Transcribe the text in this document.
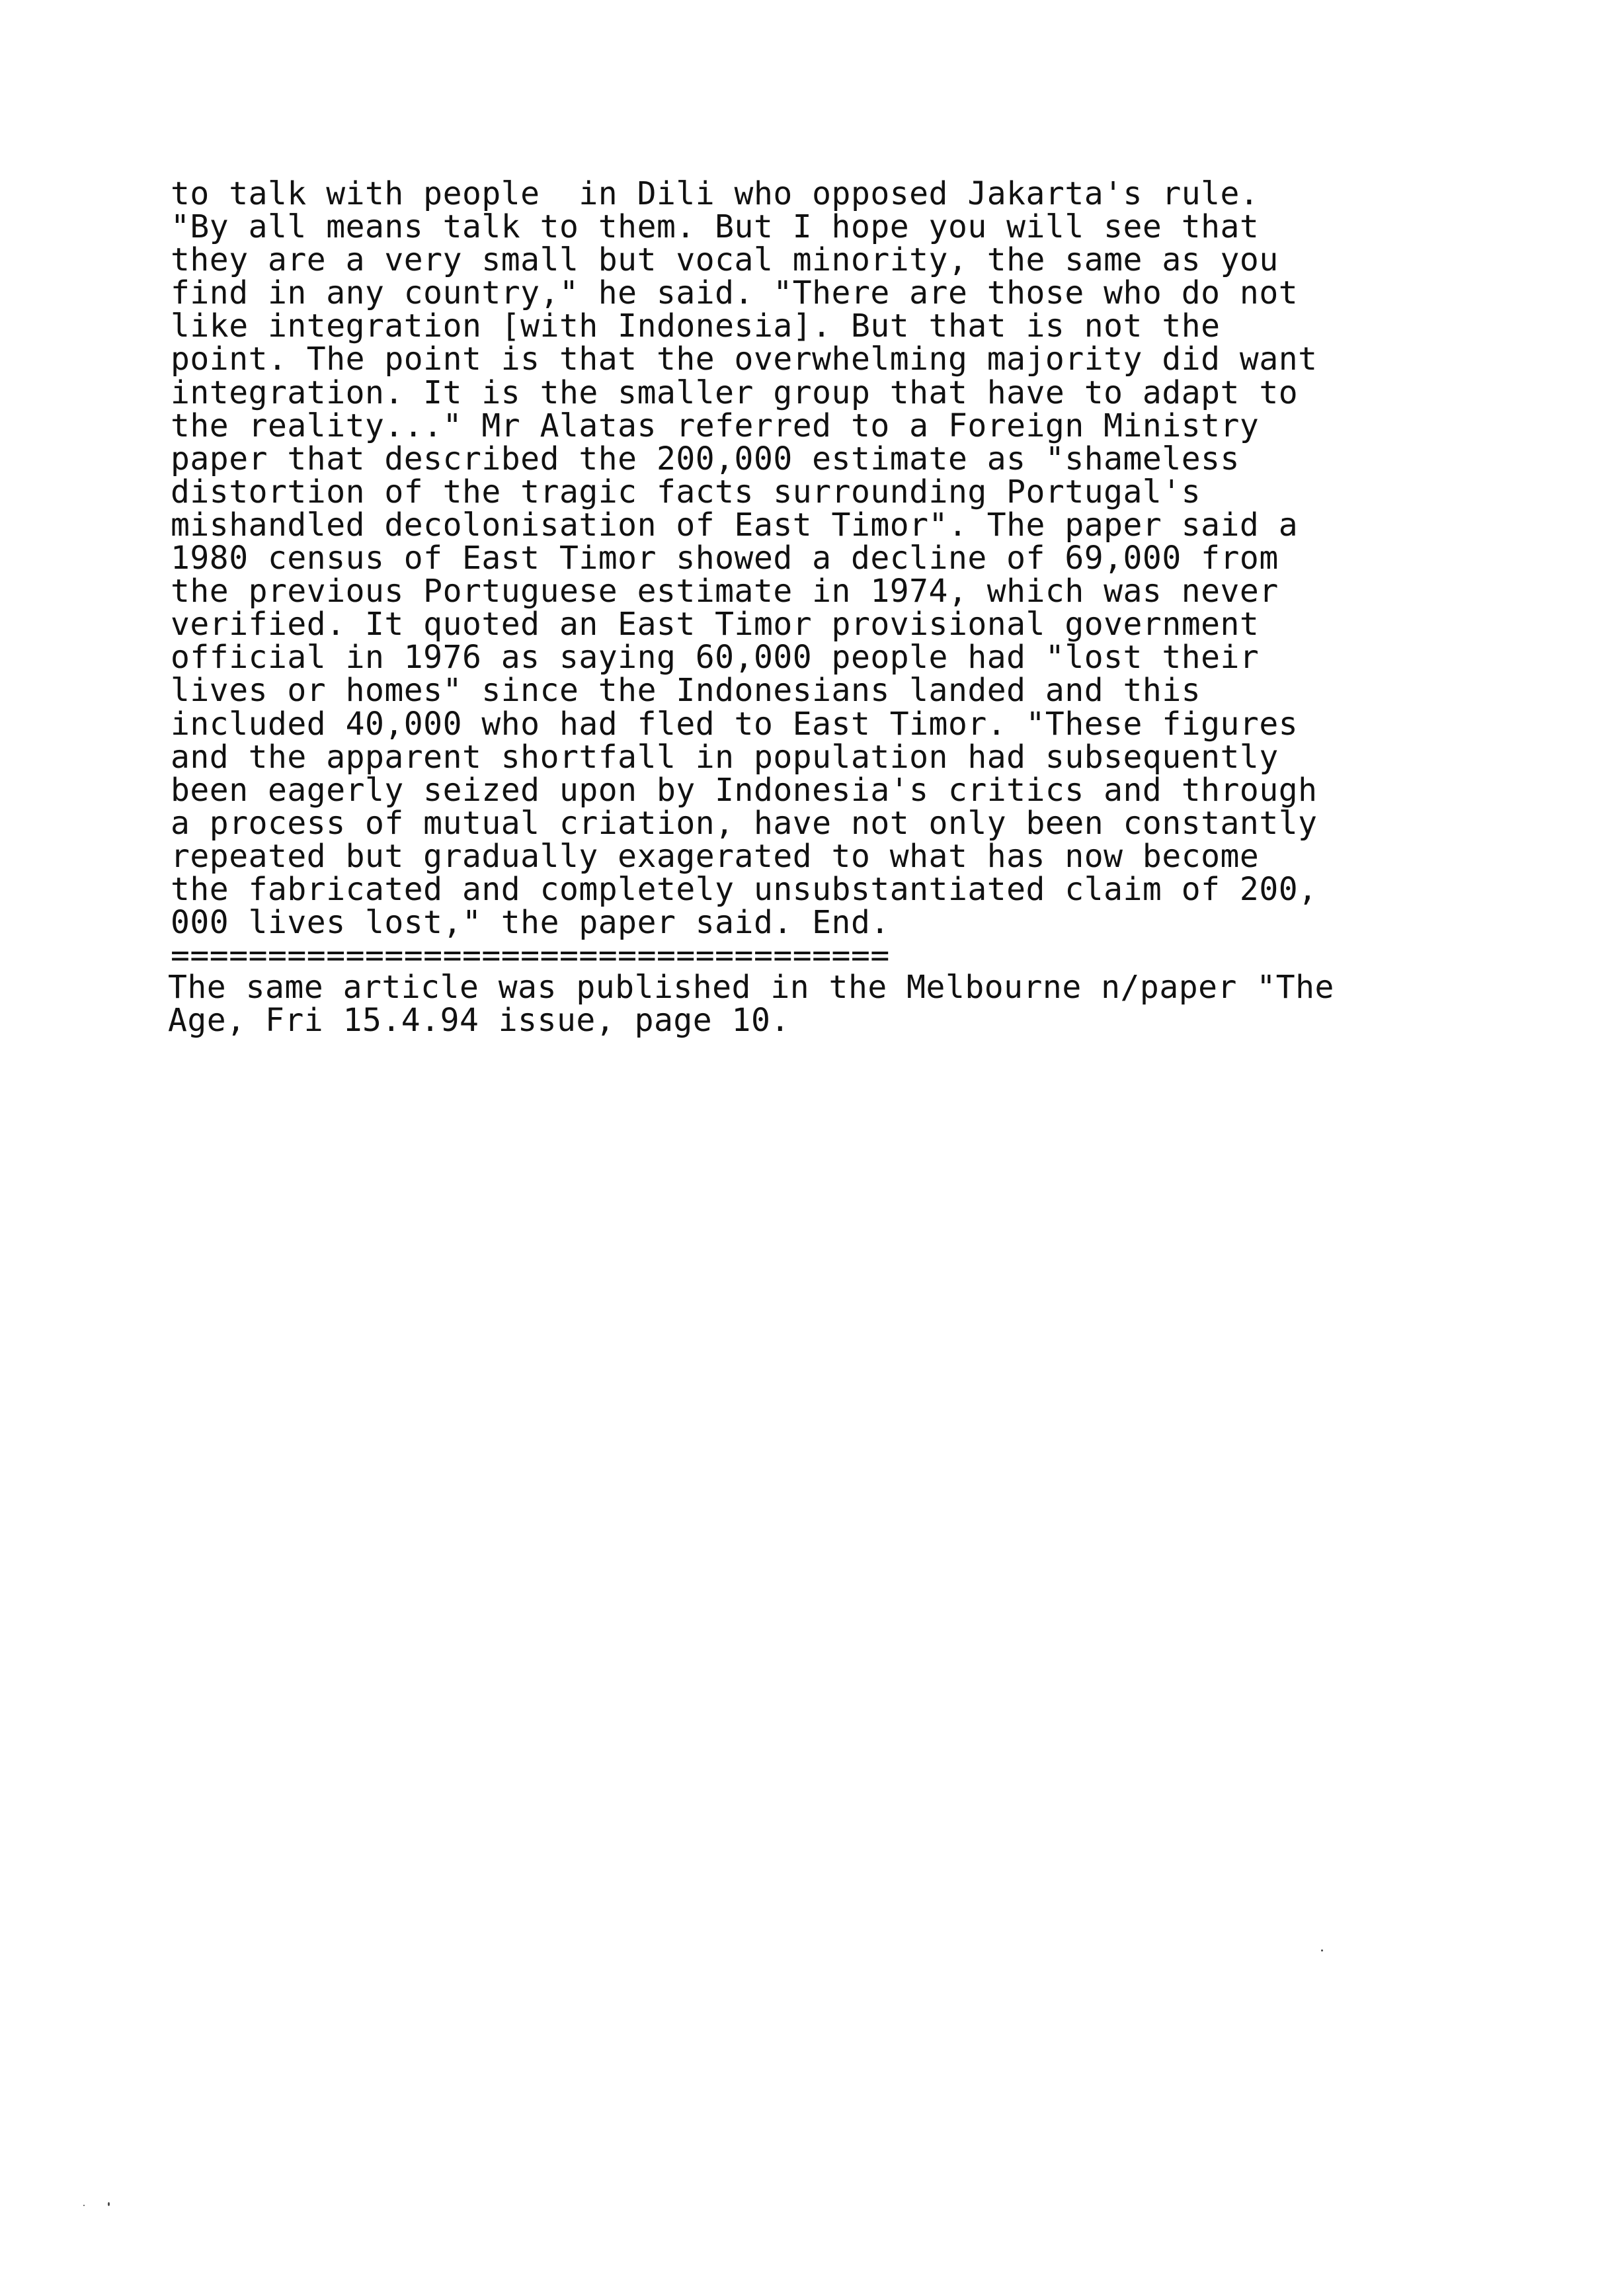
to talk with people  in Dili who opposed Jakarta's rule.
"By all means talk to them. But I hope you will see that
they are a very small but vocal minority, the same as you
find in any country," he said. "There are those who do not
like integration [with Indonesia]. But that is not the
point. The point is that the overwhelming majority did want
integration. It is the smaller group that have to adapt to
the reality..." Mr Alatas referred to a Foreign Ministry
paper that described the 200,000 estimate as "shameless
distortion of the tragic facts surrounding Portugal's
mishandled decolonisation of East Timor". The paper said a
1980 census of East Timor showed a decline of 69,000 from
the previous Portuguese estimate in 1974, which was never
verified. It quoted an East Timor provisional government
official in 1976 as saying 60,000 people had "lost their
lives or homes" since the Indonesians landed and this
included 40,000 who had fled to East Timor. "These figures
and the apparent shortfall in population had subsequently
been eagerly seized upon by Indonesia's critics and through
a process of mutual criation, have not only been constantly
repeated but gradually exagerated to what has now become
the fabricated and completely unsubstantiated claim of 200,
000 lives lost," the paper said. End.
=====================================
The same article was published in the Melbourne n/paper "The
Age, Fri 15.4.94 issue, page 10.
